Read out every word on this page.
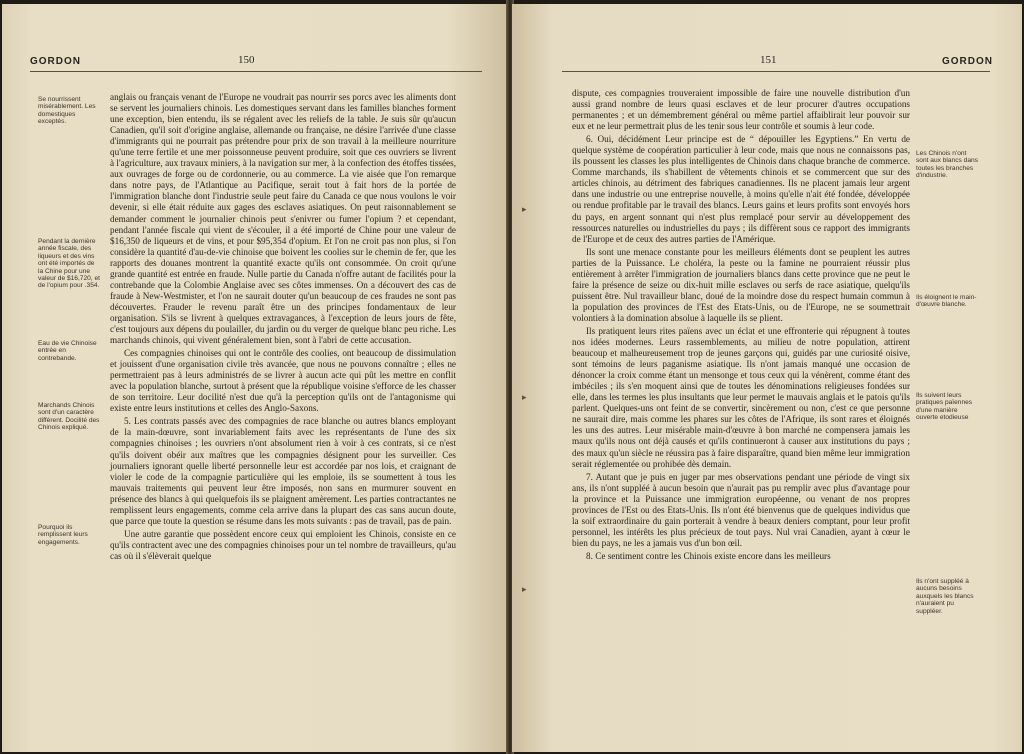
GORDON	150
Se nourrissent misérablement. Les domestiques exceptés.
Pendant la dernière année fiscale, des liqueurs et des vins ont été importés de la Chine pour une valeur de $16,720, et de l'opium pour .354.
Eau de vie Chinoise entrée en contrebande.
Marchands Chinois sont d'un caractère différent. Docilité des Chinois expliqué.
Pourquoi ils remplissent leurs engagements.

anglais ou français venant de l'Europe ne voudrait pas nourrir ses porcs avec les aliments dont se servent les journaliers chinois. Les domestiques servant dans les familles blanches forment une exception, bien entendu, ils se régalent avec les reliefs de la table. Je suis sûr qu'aucun Canadien, qu'il soit d'origine anglaise, allemande ou française, ne désire l'arrivée d'une classe d'immigrants qui ne pourrait pas prétendre pour prix de son travail à la meilleure nourriture qu'une terre fertile et une mer poissonneuse peuvent produire, soit que ces ouvriers se livrent à l'agriculture, aux travaux miniers, à la navigation sur mer, à la confection des étoffes tissées, aux ouvrages de forge ou de cordonnerie, ou au commerce. La vie aisée que l'on remarque dans notre pays, de l'Atlantique au Pacifique, serait tout à fait hors de la portée de l'immigration blanche dont l'industrie seule peut faire du Canada ce que nous voulons le voir devenir, si elle était réduite aux gages des esclaves asiatiques. On peut raisonnablement se demander comment le journalier chinois peut s'enivrer ou fumer l'opium ? et cependant, pendant l'année fiscale qui vient de s'écouler, il a été importé de Chine pour une valeur de $16,350 de liqueurs et de vins, et pour $95,354 d'opium. Et l'on ne croit pas non plus, si l'on considère la quantité d'au-de-vie chinoise que boivent les coolies sur le chemin de fer, que les rapports des douanes montrent la quantité exacte qu'ils ont consommée. On croit qu'une grande quantité est entrée en fraude. Nulle partie du Canada n'offre autant de facilités pour la contrebande que la Colombie Anglaise avec ses côtes immenses. On a découvert des cas de fraude à New-Westmister, et l'on ne saurait douter qu'un beaucoup de ces fraudes ne sont pas découvertes. Frauder le revenu paraît être un des principes fondamentaux de leur organisation. S'ils se livrent à quelques extravagances, à l'exception de leurs jours de fête, c'est toujours aux dépens du poulailler, du jardin ou du verger de quelque blanc peu riche. Les marchands chinois, qui vivent généralement bien, sont à l'abri de cette accusation.

Ces compagnies chinoises qui ont le contrôle des coolies, ont beaucoup de dissimulation et jouissent d'une organisation civile très avancée, que nous ne pouvons connaître ; elles ne permettraient pas à leurs administrés de se livrer à aucun acte qui pût les mettre en conflit avec la population blanche, surtout à présent que la république voisine s'efforce de les chasser de son territoire. Leur docilité n'est due qu'à la perception qu'ils ont de l'antagonisme qui existe entre leurs institutions et celles des Anglo-Saxons.

5. Les contrats passés avec des compagnies de race blanche ou autres blancs employant de la main-dœuvre, sont invariablement faits avec les représentants de l'une des six compagnies chinoises ; les ouvriers n'ont absolument rien à voir à ces contrats, si ce n'est qu'ils doivent obéir aux maîtres que les compagnies désignent pour les surveiller. Ces journaliers ignorant quelle liberté personnelle leur est accordée par nos lois, et craignant de violer le code de la compagnie particulière qui les emploie, ils se soumettent à tous les mauvais traitements qui peuvent leur être imposés, non sans en murmurer souvent en présence des blancs à qui quelquefois ils se plaignent amèrement. Les parties contractantes ne remplissent leurs engagements, comme cela arrive dans la plupart des cas sans aucun doute, que parce que toute la question se résume dans les mots suivants : pas de travail, pas de pain.

Une autre garantie que possèdent encore ceux qui emploient les Chinois, consiste en ce qu'ils contractent avec une des compagnies chinoises pour un tel nombre de travailleurs, qu'au cas où il s'élèverait quelque

151	GORDON
▸
▸
▸

dispute, ces compagnies trouveraient impossible de faire une nouvelle distribution d'un aussi grand nombre de leurs quasi esclaves et de leur procurer d'autres occupations permanentes ; et un démembrement général ou même partiel affaiblirait leur pouvoir sur eux et ne leur permettrait plus de les tenir sous leur contrôle et soumis à leur code.

6. Oui, décidément Leur principe est de “ dépouiller les Egyptiens.” En vertu de quelque système de coopération particulier à leur code, mais que nous ne connaissons pas, ils poussent les classes les plus intelligentes de Chinois dans chaque branche de commerce. Comme marchands, ils s'habillent de vêtements chinois et se commercent que sur des articles chinois, au détriment des fabriques canadiennes. Ils ne placent jamais leur argent dans une industrie ou une entreprise nouvelle, à moins qu'elle n'ait été fondée, développée ou rendue profitable par le travail des blancs. Leurs gains et leurs profits sont envoyés hors du pays, en argent sonnant qui n'est plus remplacé pour servir au développement des ressources naturelles ou industrielles du pays ; ils diffèrent sous ce rapport des immigrants de l'Europe et de ceux des autres parties de l'Amérique.

Ils sont une menace constante pour les meilleurs éléments dont se peuplent les autres parties de la Puissance. Le choléra, la peste ou la famine ne pourraient réussir plus entièrement à arrêter l'immigration de journaliers blancs dans cette province que ne peut le faire la présence de seize ou dix-huit mille esclaves ou serfs de race asiatique, quelqu'ils puissent être. Nul travailleur blanc, doué de la moindre dose du respect humain commun à la population des provinces de l'Est des Etats-Unis, ou de l'Europe, ne se soumettrait volontiers à la domination absolue à laquelle ils se plient.

Ils pratiquent leurs rites païens avec un éclat et une effronterie qui répugnent à toutes nos idées modernes. Leurs rassemblements, au milieu de notre population, attirent beaucoup et malheureusement trop de jeunes garçons qui, guidés par une curiosité oisive, sont témoins de leurs paganisme asiatique. Ils n'ont jamais manqué une occasion de dénoncer la croix comme étant un mensonge et tous ceux qui la vénèrent, comme étant des imbéciles ; ils s'en moquent ainsi que de toutes les dénominations religieuses fondées sur elle, dans les termes les plus insultants que leur permet le mauvais anglais et le patois qu'ils parlent. Quelques-uns ont feint de se convertir, sincèrement ou non, c'est ce que personne ne saurait dire, mais comme les phares sur les côtes de l'Afrique, ils sont rares et éloignés les uns des autres. Leur misérable main-d'œuvre à bon marché ne compensera jamais les maux qu'ils nous ont déjà causés et qu'ils continueront à causer aux institutions du pays ; des maux qu'un siècle ne réussira pas à faire disparaître, quand bien même leur immigration serait réglementée ou prohibée dès demain.

7. Autant que je puis en juger par mes observations pendant une période de vingt six ans, ils n'ont suppléé à aucun besoin que n'aurait pas pu remplir avec plus d'avantage pour la province et la Puissance une immigration européenne, ou venant de nos propres provinces de l'Est ou des Etats-Unis. Ils n'ont été bienvenus que de quelques individus que la soif extraordinaire du gain porterait à vendre à beaux deniers comptant, pour leur profit personnel, les intérêts les plus précieux de tout pays. Nul vrai Canadien, ayant à cœur le bien du pays, ne les a jamais vus d'un bon œil.

8. Ce sentiment contre les Chinois existe encore dans les meilleurs

Les Chinois n'ont sont aux blancs dans toutes les branches d'industrie.
Ils éloignent le main-d'œuvre blanche.
Ils suivent leurs pratiques païennes d'une manière ouverte etodieuse
Ils n'ont suppléé à aucuns besoins auxquels les blancs n'auraient pu suppléer.
